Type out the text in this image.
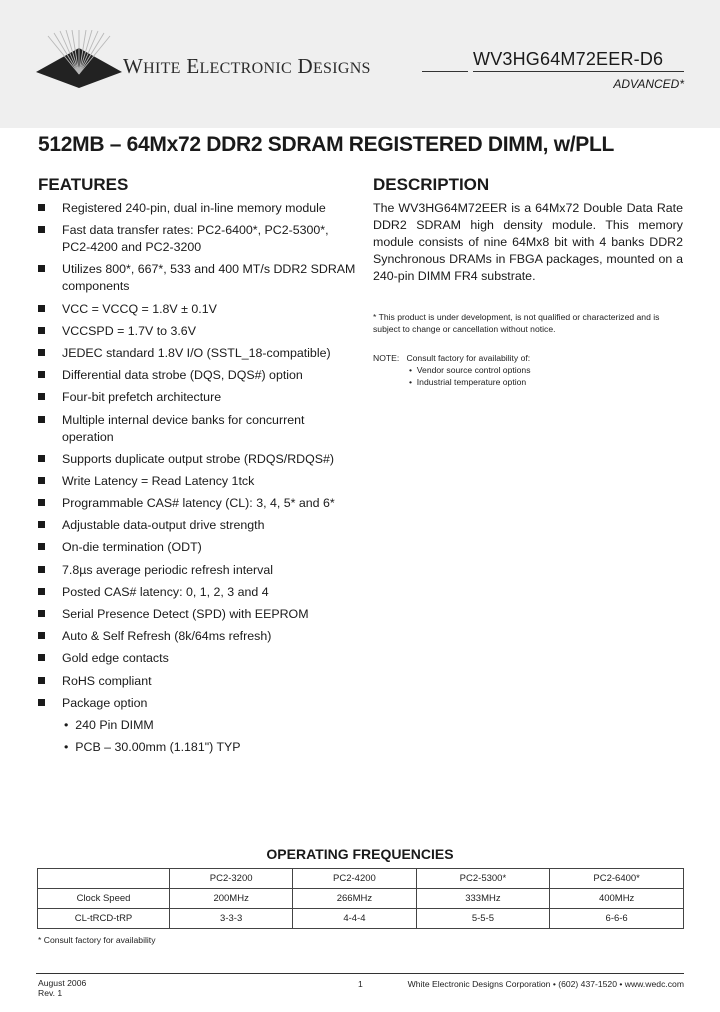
WHITE ELECTRONIC DESIGNS	WV3HG64M72EER-D6
ADVANCED*
512MB – 64Mx72 DDR2 SDRAM REGISTERED DIMM, w/PLL
FEATURES	DESCRIPTION
Registered 240-pin, dual in-line memory module
Fast data transfer rates: PC2-6400*, PC2-5300*, PC2-4200 and PC2-3200
Utilizes 800*, 667*, 533 and 400 MT/s DDR2 SDRAM components
VCC = VCCQ = 1.8V ± 0.1V
VCCSPD = 1.7V to 3.6V
JEDEC standard 1.8V I/O (SSTL_18-compatible)
Differential data strobe (DQS, DQS#) option
Four-bit prefetch architecture
Multiple internal device banks for concurrent operation
Supports duplicate output strobe (RDQS/RDQS#)
Write Latency = Read Latency 1tck
Programmable CAS# latency (CL): 3, 4, 5* and 6*
Adjustable data-output drive strength
On-die termination (ODT)
7.8µs average periodic refresh interval
Posted CAS# latency: 0, 1, 2, 3 and 4
Serial Presence Detect (SPD) with EEPROM
Auto & Self Refresh (8k/64ms refresh)
Gold edge contacts
RoHS compliant
Package option
•  240 Pin DIMM
•  PCB – 30.00mm (1.181") TYP
The WV3HG64M72EER is a 64Mx72 Double Data Rate DDR2 SDRAM high density module. This memory module consists of nine 64Mx8 bit with 4 banks DDR2 Synchronous DRAMs in FBGA packages, mounted on a 240-pin DIMM FR4 substrate.
* This product is under development, is not qualified or characterized and is subject to change or cancellation without notice.
NOTE: Consult factory for availability of:
•  Vendor source control options
•  Industrial temperature option
OPERATING FREQUENCIES
	PC2-3200	PC2-4200	PC2-5300*	PC2-6400*
Clock Speed	200MHz	266MHz	333MHz	400MHz
CL-tRCD-tRP	3-3-3	4-4-4	5-5-5	6-6-6
* Consult factory for availability
August 2006
Rev. 1
1	White Electronic Designs Corporation • (602) 437-1520 • www.wedc.com
